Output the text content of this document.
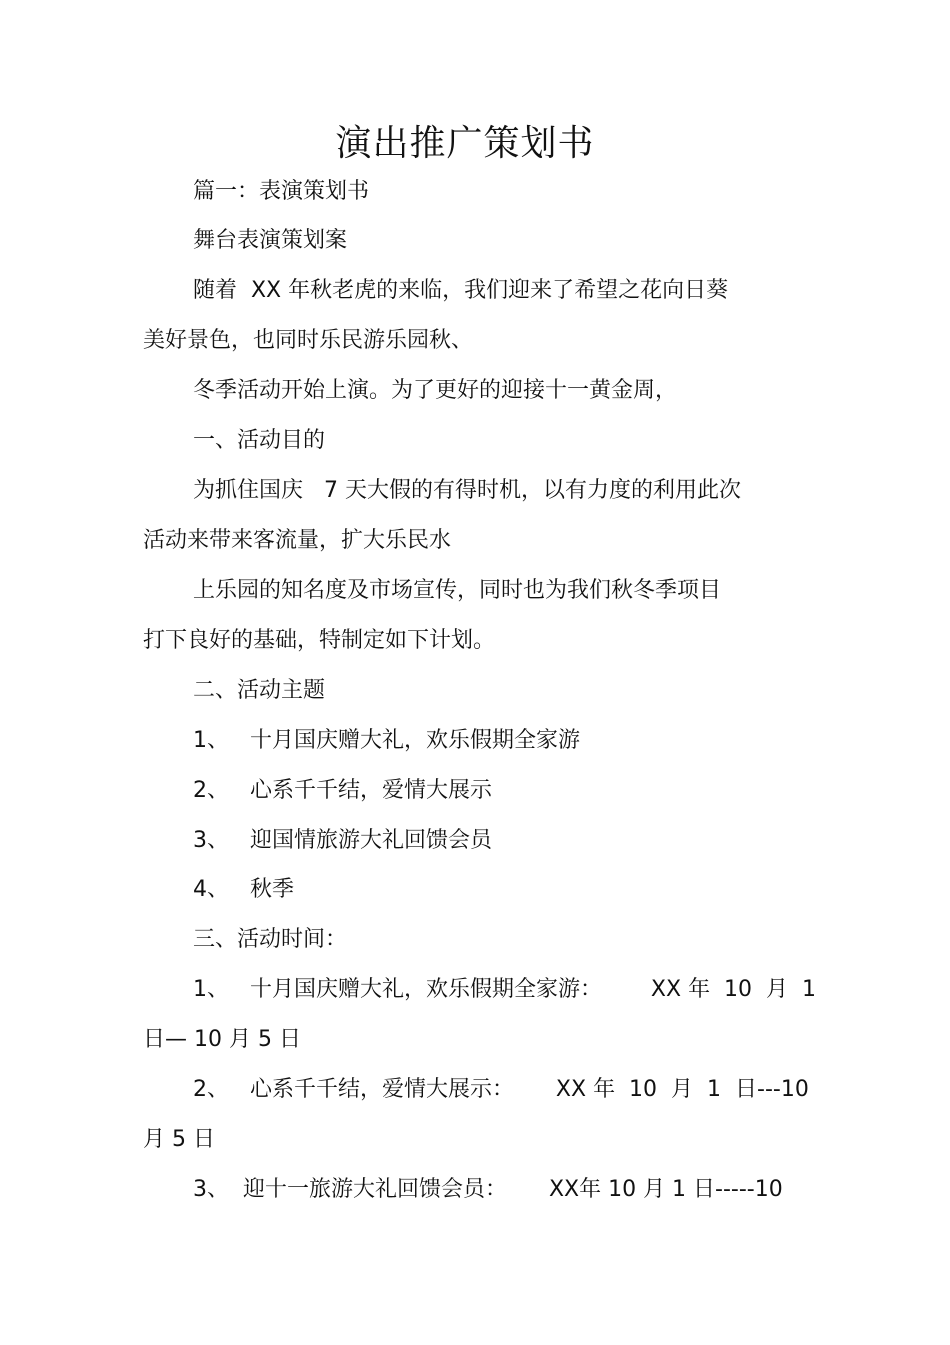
演出推广策划书

篇一：表演策划书

舞台表演策划案

随着  XX 年秋老虎的来临，我们迎来了希望之花向日葵

美好景色，也同时乐民游乐园秋、

冬季活动开始上演。为了更好的迎接十一黄金周，

一、活动目的

为抓住国庆   7 天大假的有得时机，以有力度的利用此次

活动来带来客流量，扩大乐民水

上乐园的知名度及市场宣传，同时也为我们秋冬季项目

打下良好的基础，特制定如下计划。

二、活动主题

1、   十月国庆赠大礼，欢乐假期全家游

2、   心系千千结，爱情大展示

3、   迎国情旅游大礼回馈会员

4、   秋季

三、活动时间：

1、   十月国庆赠大礼，欢乐假期全家游：       XX 年  10  月  1

日— 10 月 5 日

2、   心系千千结，爱情大展示：      XX 年  10  月  1  日---10

月 5 日

3、  迎十一旅游大礼回馈会员：      XX年 10 月 1 日-----10
